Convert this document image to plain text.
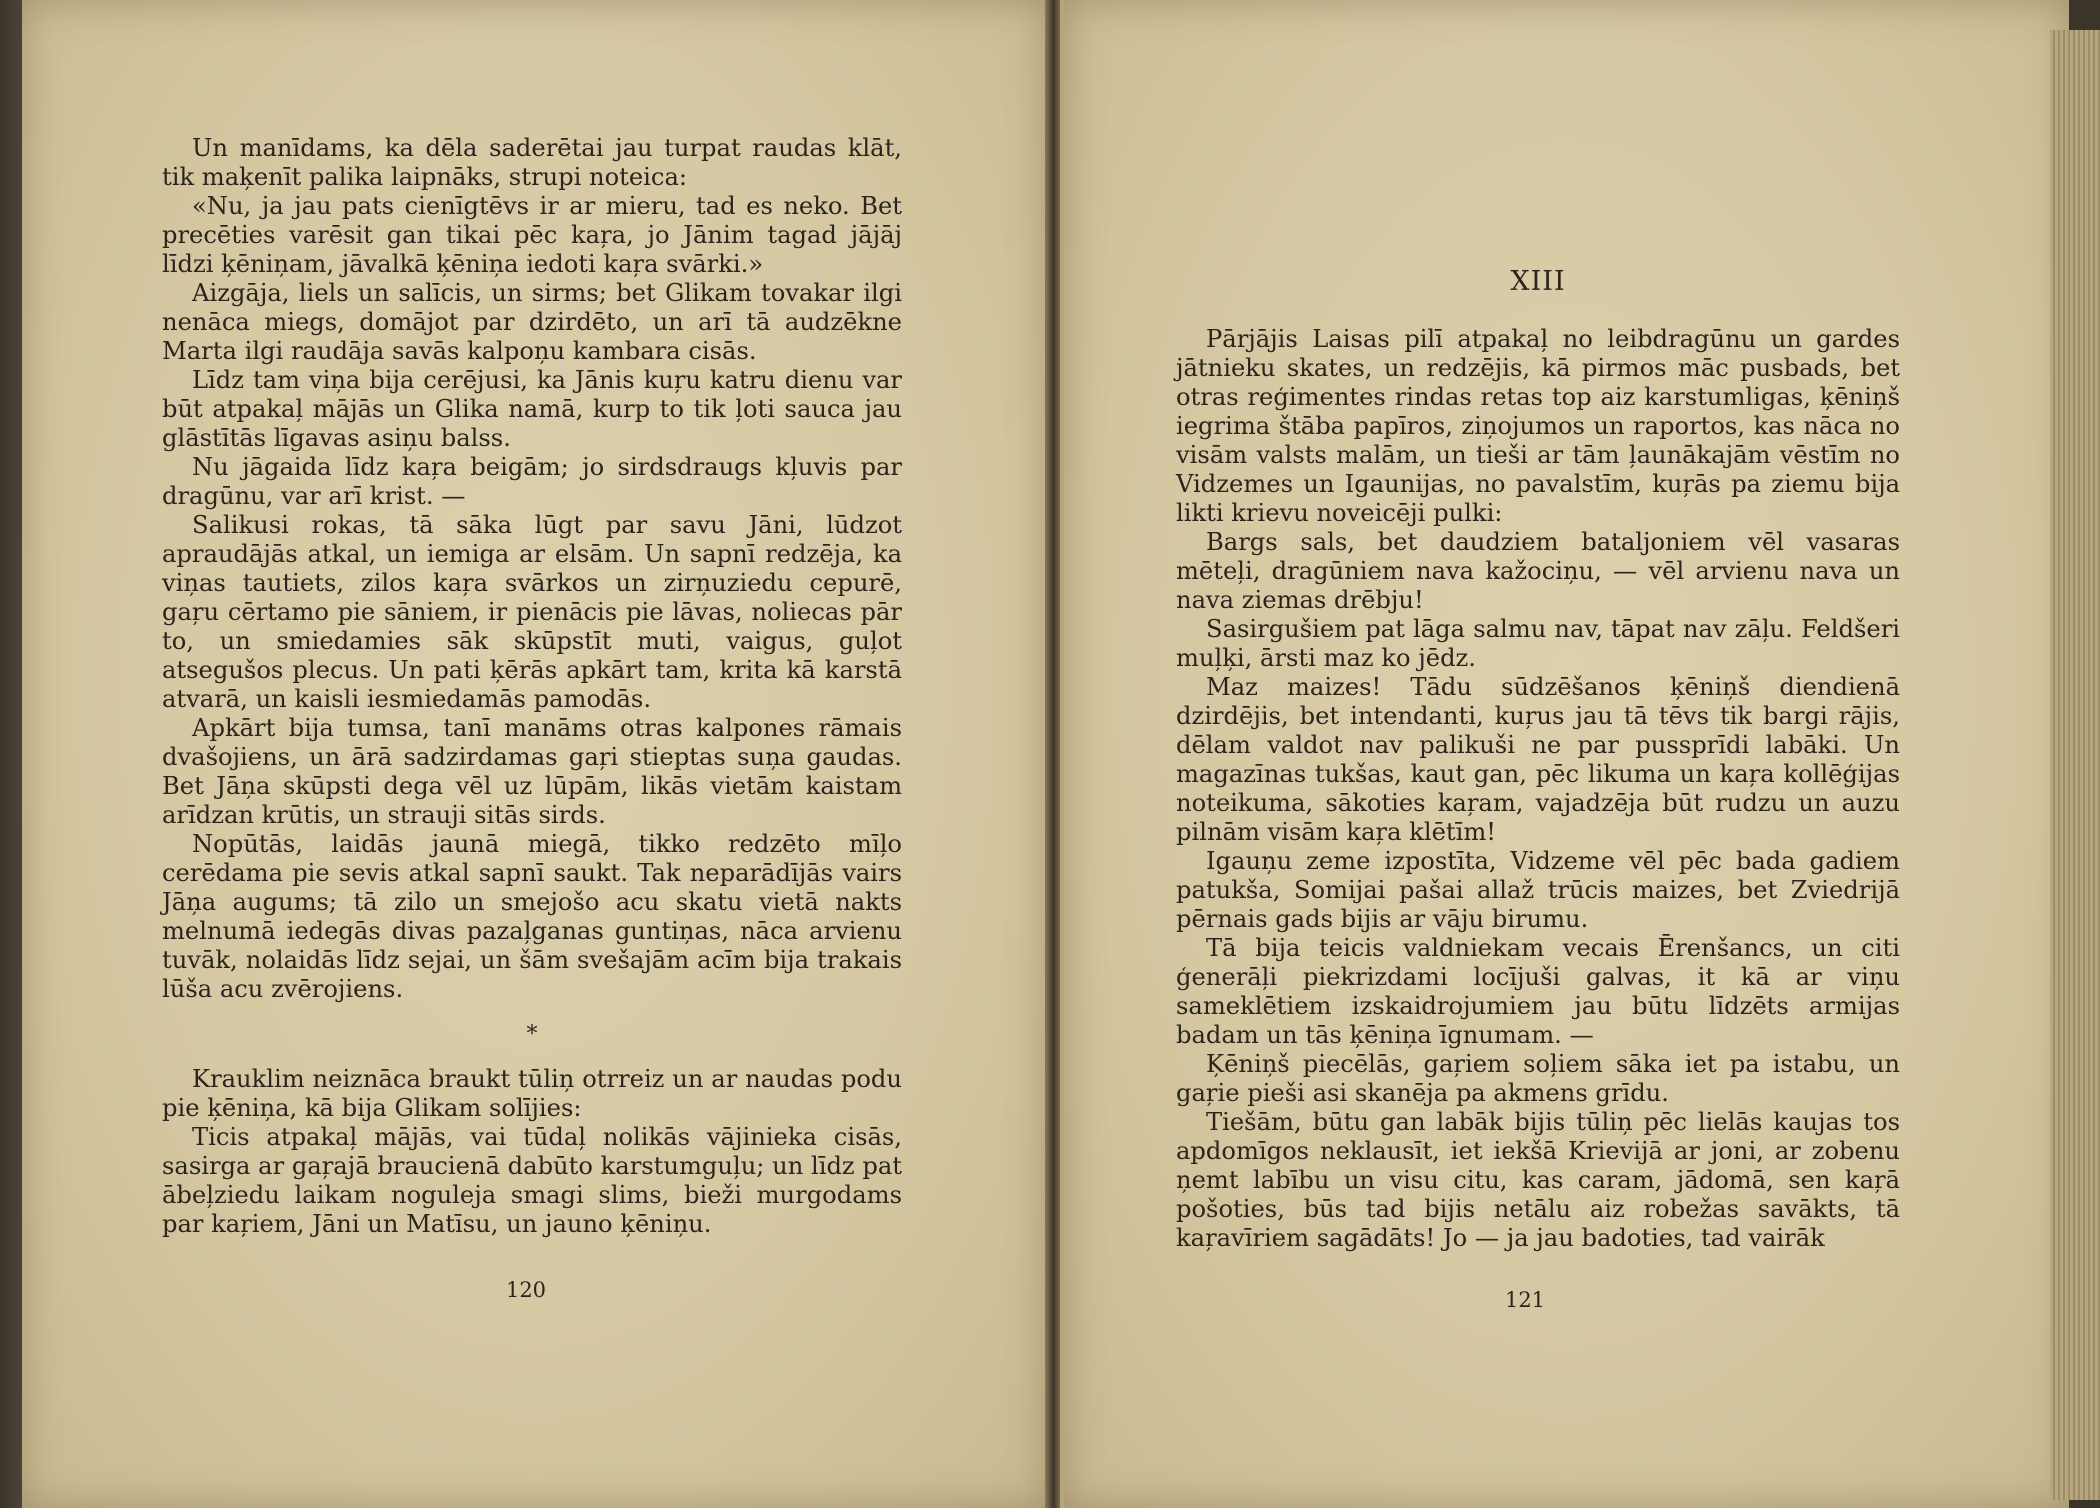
Un manīdams, ka dēla saderētai jau turpat raudas klāt, tik maķenīt palika laipnāks, strupi noteica:

«Nu, ja jau pats cienīgtēvs ir ar mieru, tad es neko. Bet precēties varēsit gan tikai pēc kaŗa, jo Jānim tagad jājāj līdzi ķēniņam, jāvalkā ķēniņa iedoti kaŗa svārki.»

Aizgāja, liels un salīcis, un sirms; bet Glikam tovakar ilgi nenāca miegs, domājot par dzirdēto, un arī tā audzēkne Marta ilgi raudāja savās kalpoņu kambara cisās.

Līdz tam viņa bija cerējusi, ka Jānis kuŗu katru dienu var būt atpakaļ mājās un Glika namā, kurp to tik ļoti sauca jau glāstītās līgavas asiņu balss.

Nu jāgaida līdz kaŗa beigām; jo sirdsdraugs kļuvis par dragūnu, var arī krist. —

Salikusi rokas, tā sāka lūgt par savu Jāni, lūdzot apraudājās atkal, un iemiga ar elsām. Un sapnī redzēja, ka viņas tautiets, zilos kaŗa svārkos un zirņuziedu cepurē, gaŗu cērtamo pie sāniem, ir pienācis pie lāvas, noliecas pār to, un smiedamies sāk skūpstīt muti, vaigus, guļot atsegušos plecus. Un pati ķērās apkārt tam, krita kā karstā atvarā, un kaisli iesmiedamās pamodās.

Apkārt bija tumsa, tanī manāms otras kalpones rāmais dvašojiens, un ārā sadzirdamas gaŗi stieptas suņa gaudas. Bet Jāņa skūpsti dega vēl uz lūpām, likās vietām kaistam arīdzan krūtis, un strauji sitās sirds.

Nopūtās, laidās jaunā miegā, tikko redzēto mīļo cerēdama pie sevis atkal sapnī saukt. Tak neparādījās vairs Jāņa augums; tā zilo un smejošo acu skatu vietā nakts melnumā iedegās divas pazaļganas guntiņas, nāca arvienu tuvāk, nolaidās līdz sejai, un šām svešajām acīm bija trakais lūša acu zvērojiens.

*

Krauklim neiznāca braukt tūliņ otrreiz un ar naudas podu pie ķēniņa, kā bija Glikam solījies:

Ticis atpakaļ mājās, vai tūdaļ nolikās vājinieka cisās, sasirga ar gaŗajā braucienā dabūto karstumguļu; un līdz pat ābeļziedu laikam noguleja smagi slims, bieži murgodams par kaŗiem, Jāni un Matīsu, un jauno ķēniņu.

120
XIII

Pārjājis Laisas pilī atpakaļ no leibdragūnu un gardes jātnieku skates, un redzējis, kā pirmos māc pusbads, bet otras reģimentes rindas retas top aiz karstumligas, ķēniņš iegrima štāba papīros, ziņojumos un raportos, kas nāca no visām valsts malām, un tieši ar tām ļaunākajām vēstīm no Vidzemes un Igaunijas, no pavalstīm, kuŗās pa ziemu bija likti krievu noveicēji pulki:

Bargs sals, bet daudziem bataljoniem vēl vasaras mēteļi, dragūniem nava kažociņu, — vēl arvienu nava un nava ziemas drēbju!

Sasirgušiem pat lāga salmu nav, tāpat nav zāļu. Feldšeri muļķi, ārsti maz ko jēdz.

Maz maizes! Tādu sūdzēšanos ķēniņš diendienā dzirdējis, bet intendanti, kuŗus jau tā tēvs tik bargi rājis, dēlam valdot nav palikuši ne par pussprīdi labāki. Un magazīnas tukšas, kaut gan, pēc likuma un kaŗa kollēģijas noteikuma, sākoties kaŗam, vajadzēja būt rudzu un auzu pilnām visām kaŗa klētīm!

Igauņu zeme izpostīta, Vidzeme vēl pēc bada gadiem patukša, Somijai pašai allaž trūcis maizes, bet Zviedrijā pērnais gads bijis ar vāju birumu.

Tā bija teicis valdniekam vecais Ērenšancs, un citi ģenerāļi piekrizdami locījuši galvas, it kā ar viņu sameklētiem izskaidrojumiem jau būtu līdzēts armijas badam un tās ķēniņa īgnumam. —

Ķēniņš piecēlās, gaŗiem soļiem sāka iet pa istabu, un gaŗie pieši asi skanēja pa akmens grīdu.

Tiešām, būtu gan labāk bijis tūliņ pēc lielās kaujas tos apdomīgos neklausīt, iet iekšā Krievijā ar joni, ar zobenu ņemt labību un visu citu, kas caram, jādomā, sen kaŗā pošoties, būs tad bijis netālu aiz robežas savākts, tā kaŗavīriem sagādāts! Jo — ja jau badoties, tad vairāk

121
